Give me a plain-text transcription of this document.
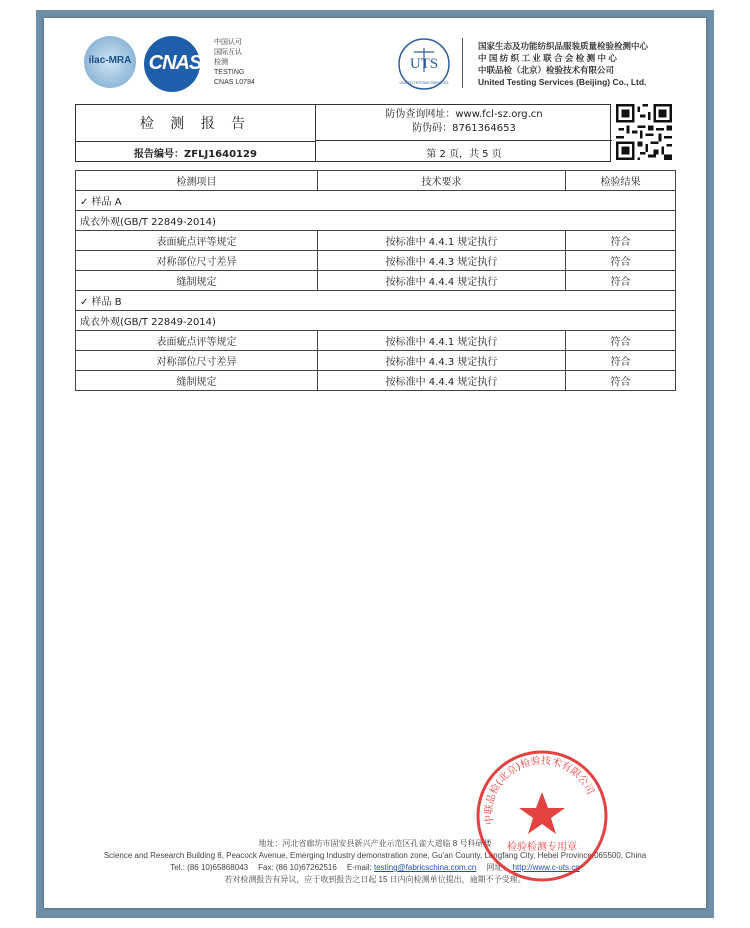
ilac-MRA CNAS
中国认可
国际互认
检测
TESTING
CNAS L0784
UTS
UNITED TESTING SERVICES
国家生态及功能纺织品服装质量检验检测中心
中 国 纺 织 工 业 联 合 会 检 测 中 心
中联品检（北京）检验技术有限公司
United Testing Services (Beijing) Co., Ltd.
检 测 报 告
报告编号：ZFLJ1640129
防伪查询网址：www.fcl-sz.org.cn
防伪码：8761364653
第 2 页，共 5 页
检测项目	技术要求	检验结果
✓ 样品 A		
成衣外观(GB/T 22849-2014)		
表面疵点评等规定	按标准中 4.4.1 规定执行	符合
对称部位尺寸差异	按标准中 4.4.3 规定执行	符合
缝制规定	按标准中 4.4.4 规定执行	符合
✓ 样品 B		
成衣外观(GB/T 22849-2014)		
表面疵点评等规定	按标准中 4.4.1 规定执行	符合
对称部位尺寸差异	按标准中 4.4.3 规定执行	符合
缝制规定	按标准中 4.4.4 规定执行	符合
地址：河北省廊坊市固安县新兴产业示范区孔雀大道临 8 号科研楼
Science and Research Building 8, Peacock Avenue, Emerging Industry demonstration zone, Gu'an County, Langfang City, Hebei Province,065500, China
Tel.: (86 10)65868043 Fax: (86 10)67262516 E-mail: testing@fabricschina.com.cn 网址： http://www.c-uts.cn
若对检测报告有异议，应于收到报告之日起 15 日内向检测单位提出，逾期不予受理。
检验检测专用章
中联品检(北京)检验技术有限公司
